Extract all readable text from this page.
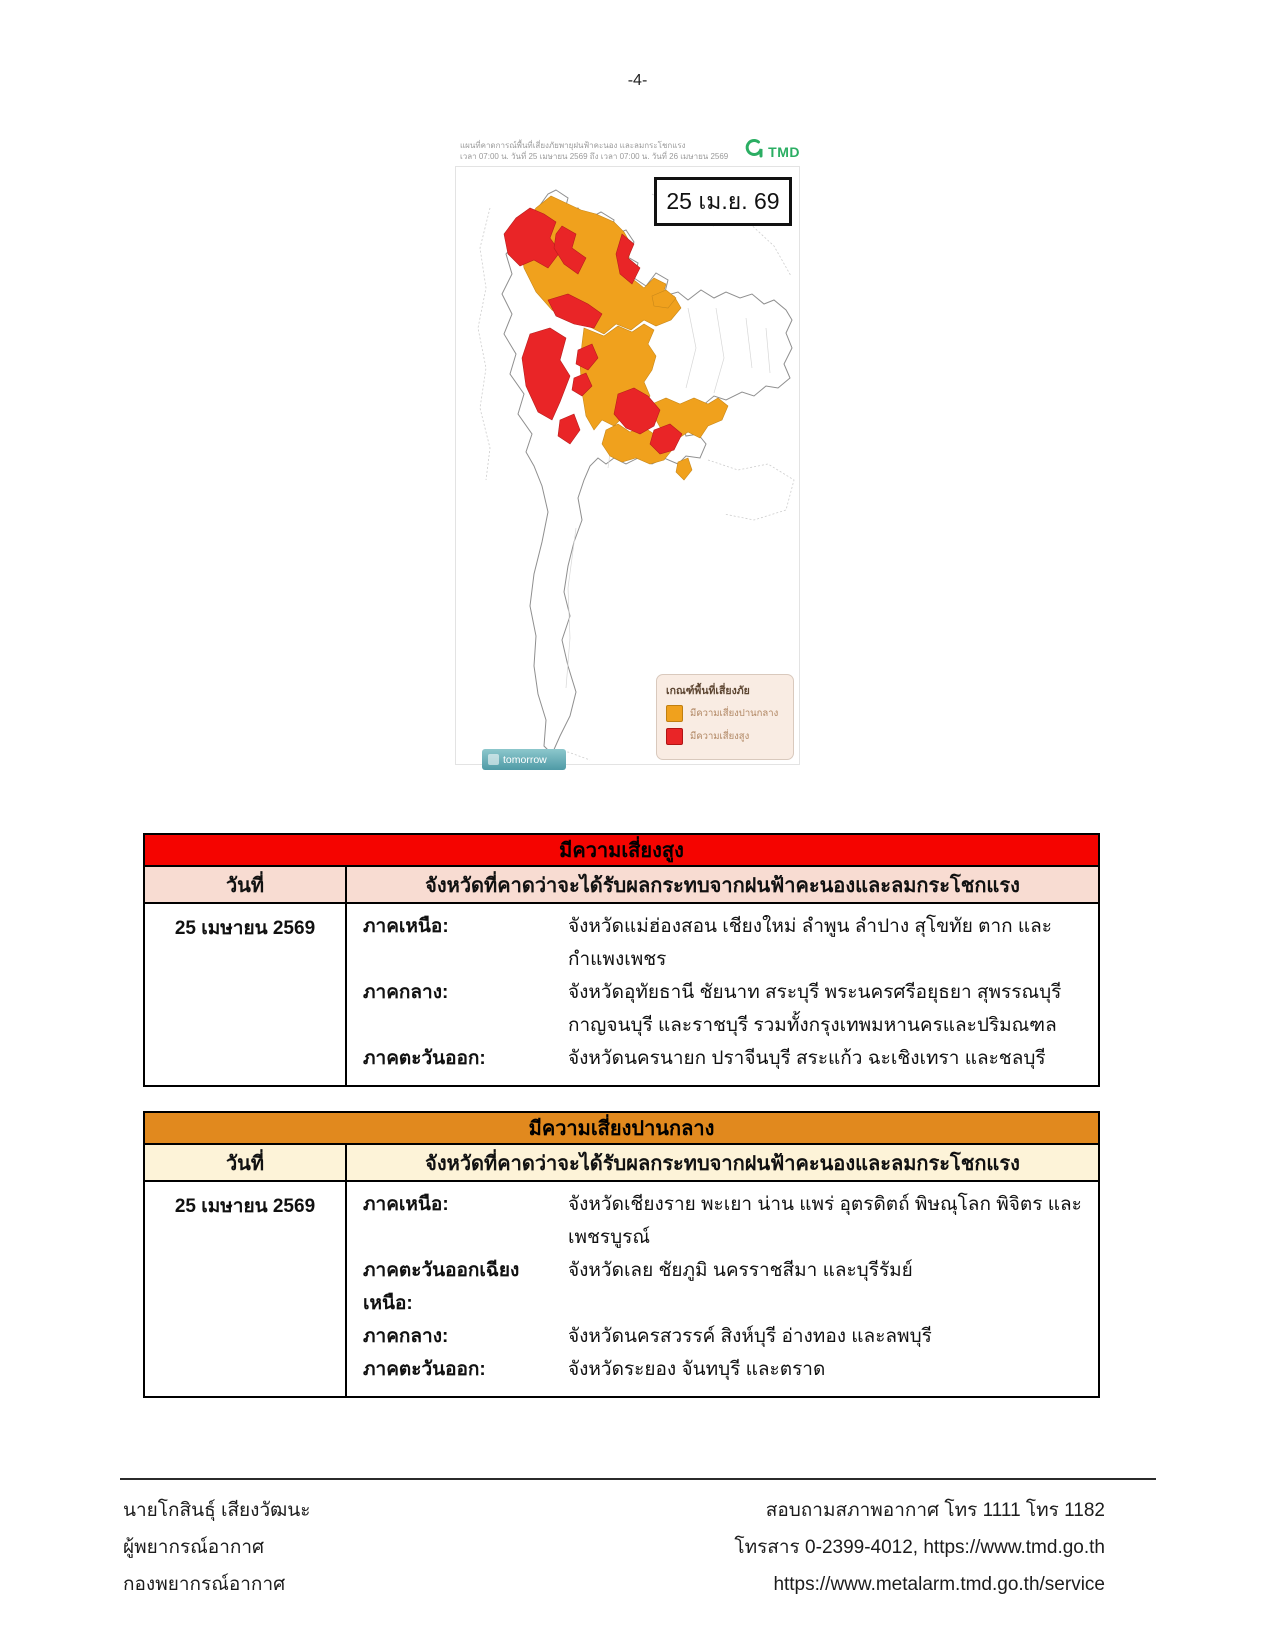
-4-
แผนที่คาดการณ์พื้นที่เสี่ยงภัยพายุฝนฟ้าคะนอง และลมกระโชกแรง
เวลา 07:00 น. วันที่ 25 เมษายน 2569 ถึง เวลา 07:00 น. วันที่ 26 เมษายน 2569	TMD
25 เม.ย. 69
เกณฑ์พื้นที่เสี่ยงภัย
มีความเสี่ยงปานกลาง
มีความเสี่ยงสูง
tomorrow
มีความเสี่ยงสูง
วันที่	จังหวัดที่คาดว่าจะได้รับผลกระทบจากฝนฟ้าคะนองและลมกระโชกแรง
25 เมษายน 2569	ภาคเหนือ:	จังหวัดแม่ฮ่องสอน เชียงใหม่ ลำพูน ลำปาง สุโขทัย ตาก และกำแพงเพชร
ภาคกลาง:	จังหวัดอุทัยธานี ชัยนาท สระบุรี พระนครศรีอยุธยา สุพรรณบุรี กาญจนบุรี และราชบุรี รวมทั้งกรุงเทพมหานครและปริมณฑล
ภาคตะวันออก:	จังหวัดนครนายก ปราจีนบุรี สระแก้ว ฉะเชิงเทรา และชลบุรี
มีความเสี่ยงปานกลาง
วันที่	จังหวัดที่คาดว่าจะได้รับผลกระทบจากฝนฟ้าคะนองและลมกระโชกแรง
25 เมษายน 2569	ภาคเหนือ:	จังหวัดเชียงราย พะเยา น่าน แพร่ อุตรดิตถ์ พิษณุโลก พิจิตร และเพชรบูรณ์
ภาคตะวันออกเฉียงเหนือ:
จังหวัดเลย ชัยภูมิ นครราชสีมา และบุรีรัมย์
ภาคกลาง:	จังหวัดนครสวรรค์ สิงห์บุรี อ่างทอง และลพบุรี
ภาคตะวันออก:	จังหวัดระยอง จันทบุรี และตราด
นายโกสินธุ์ เสียงวัฒนะ
ผู้พยากรณ์อากาศ
กองพยากรณ์อากาศ
สอบถามสภาพอากาศ โทร 1111 โทร 1182
โทรสาร 0-2399-4012, https://www.tmd.go.th
https://www.metalarm.tmd.go.th/service
